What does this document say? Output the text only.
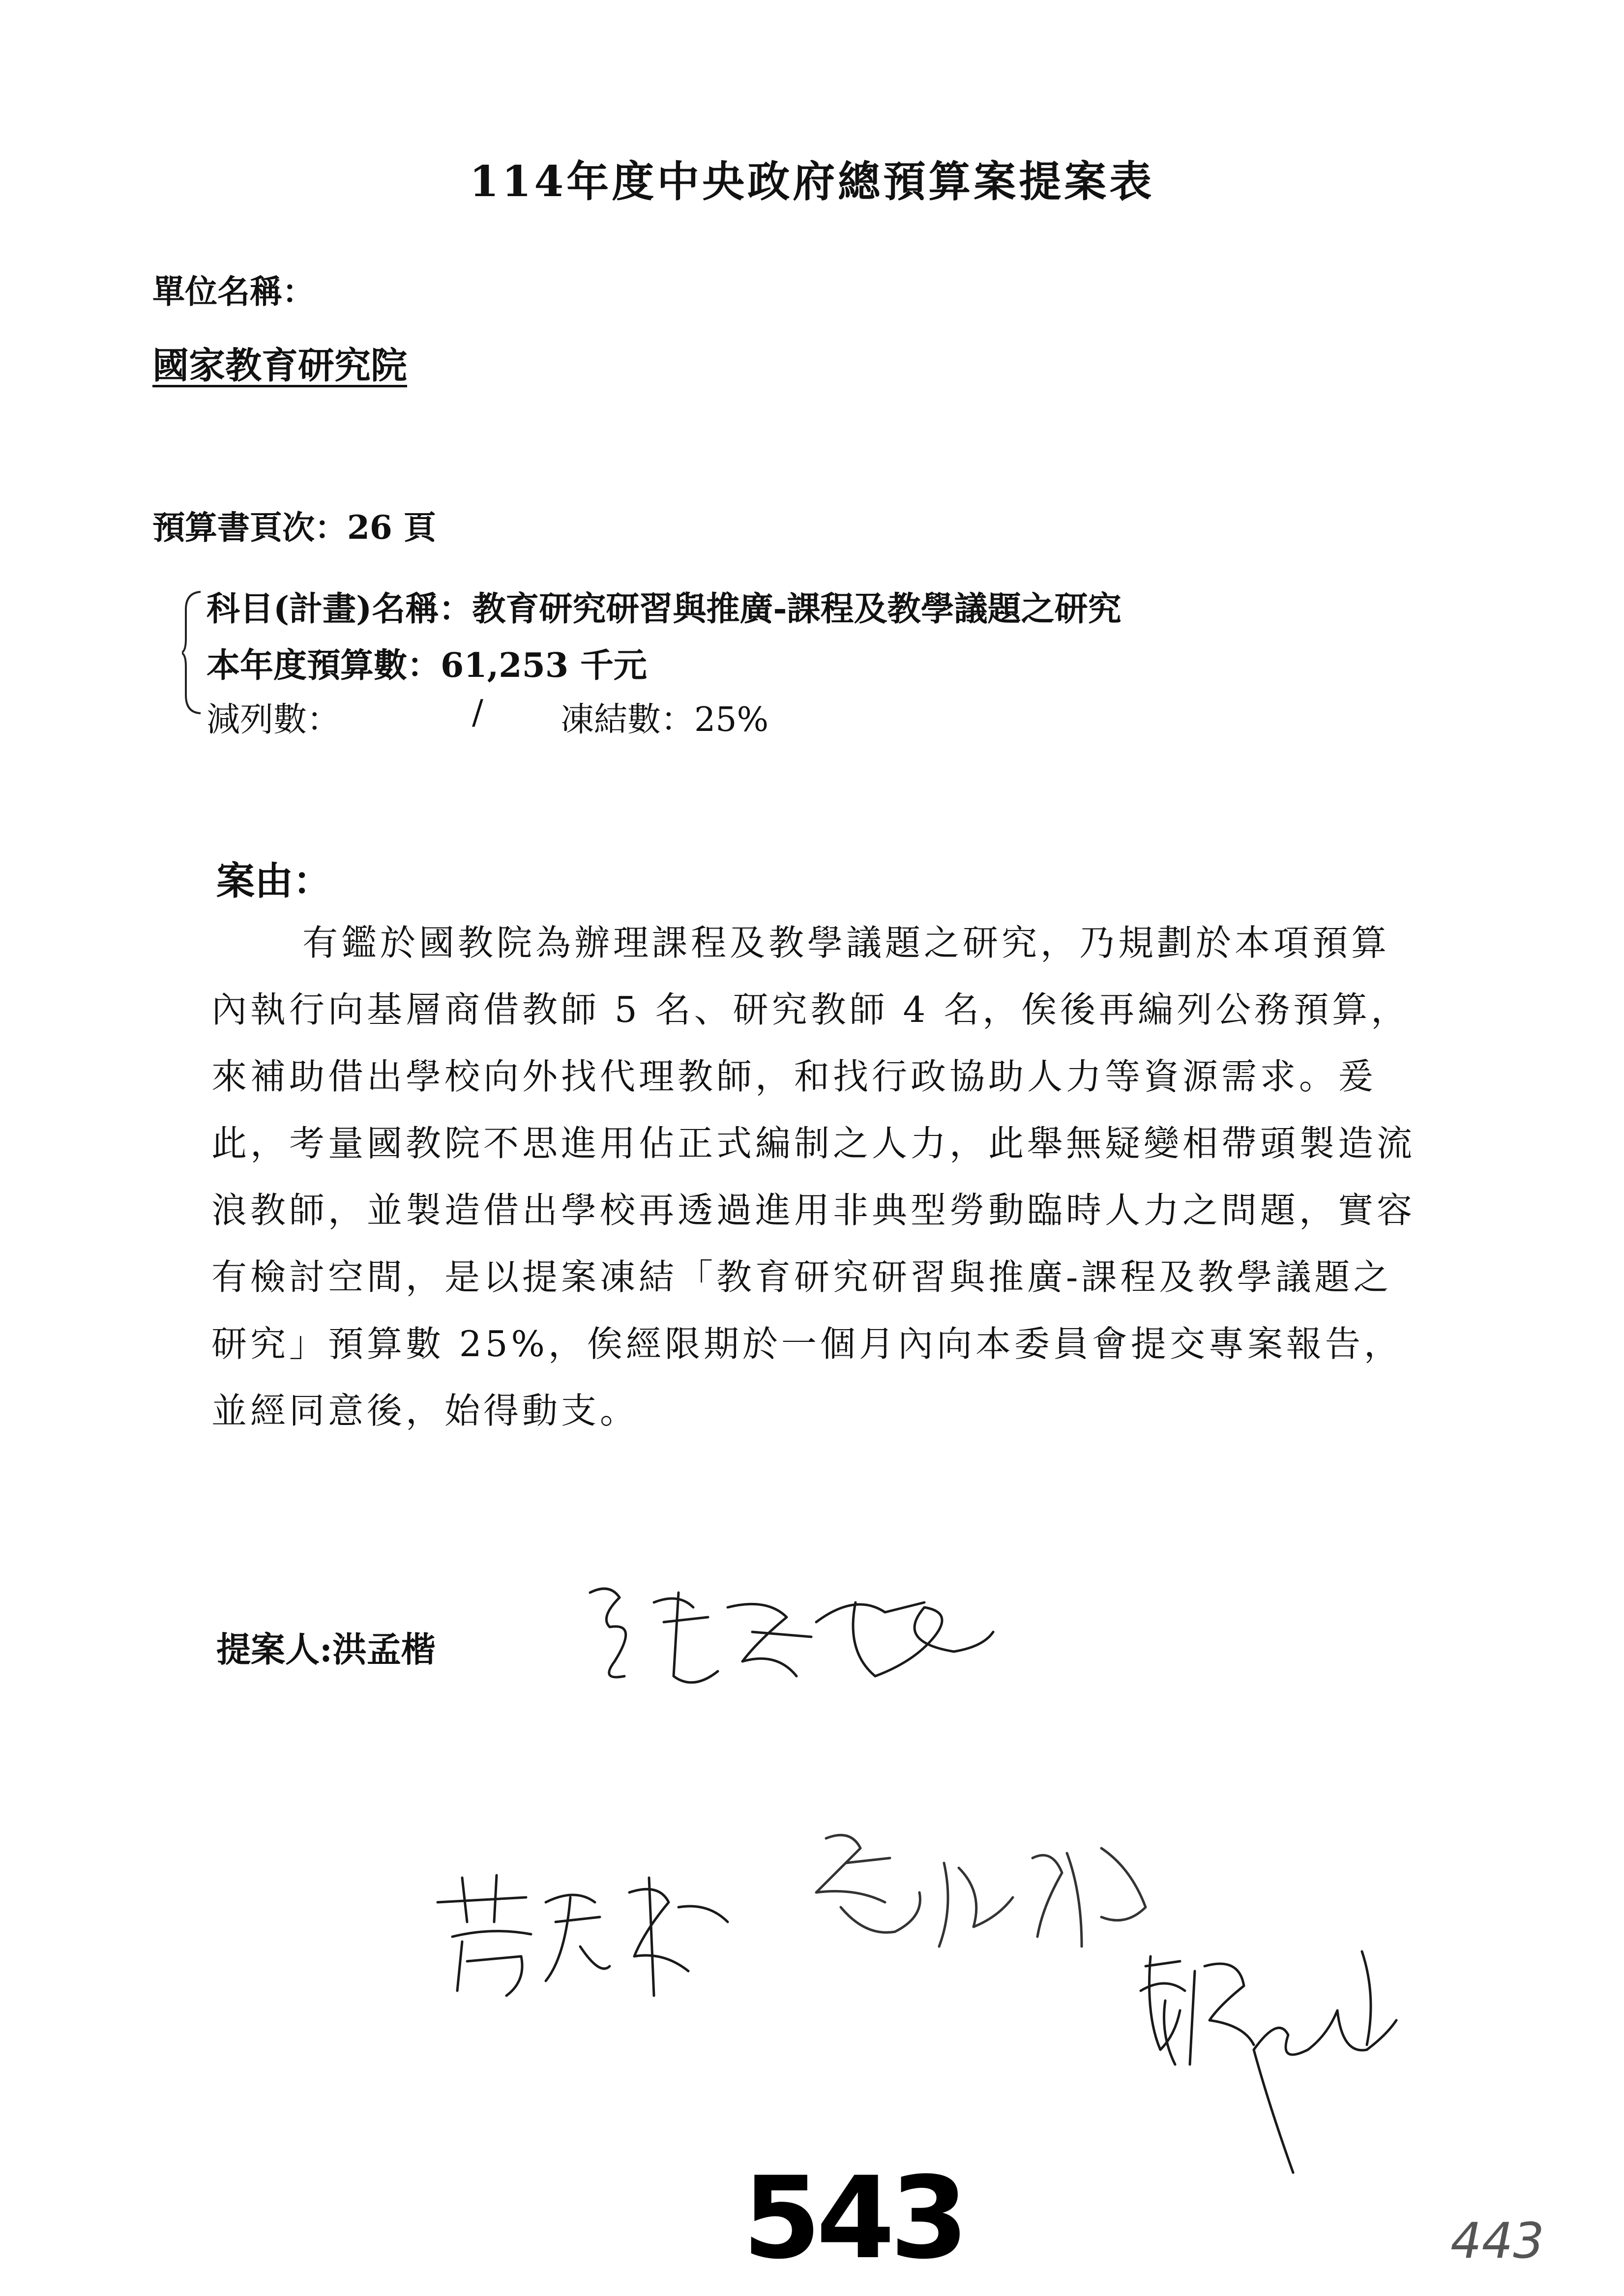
114年度中央政府總預算案提案表
單位名稱：
國家教育研究院
預算書頁次：26 頁
科目(計畫)名稱：教育研究研習與推廣-課程及教學議題之研究
本年度預算數：61,253 千元
減列數：	/ 凍結數：25%
案由：

有鑑於國教院為辦理課程及教學議題之研究，乃規劃於本項預算內執行向基層商借教師 5 名、研究教師 4 名，俟後再編列公務預算，來補助借出學校向外找代理教師，和找行政協助人力等資源需求。爰此，考量國教院不思進用佔正式編制之人力，此舉無疑變相帶頭製造流浪教師，並製造借出學校再透過進用非典型勞動臨時人力之問題，實容有檢討空間，是以提案凍結「教育研究研習與推廣-課程及教學議題之研究」預算數 25%，俟經限期於一個月內向本委員會提交專案報告，並經同意後，始得動支。

提案人:洪孟楷
543	443
